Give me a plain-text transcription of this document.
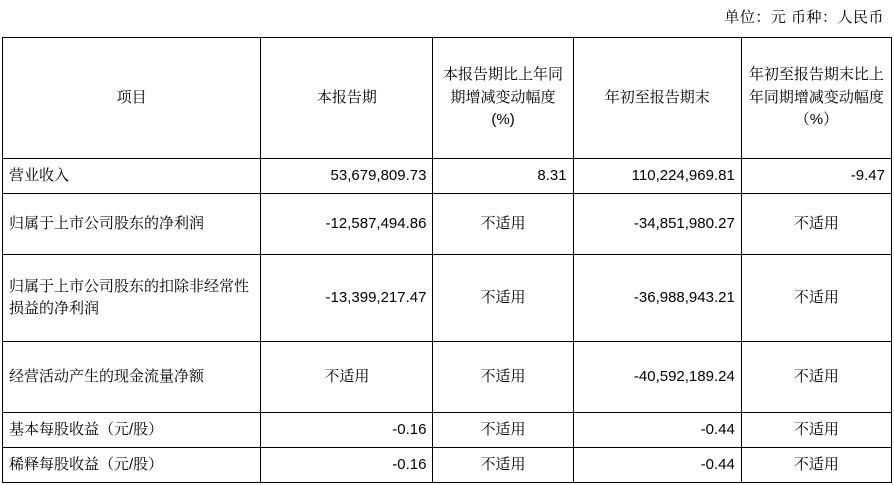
单位：元 币种：人民币
项目	本报告期	本报告期比上年同期增减变动幅度(%)	年初至报告期末	年初至报告期末比上年同期增减变动幅度（%）
营业收入	53,679,809.73	8.31	110,224,969.81	-9.47
归属于上市公司股东的净利润	-12,587,494.86	不适用	-34,851,980.27	不适用
归属于上市公司股东的扣除非经常性损益的净利润	-13,399,217.47	不适用	-36,988,943.21	不适用
经营活动产生的现金流量净额	不适用	不适用	-40,592,189.24	不适用
基本每股收益（元/股）	-0.16	不适用	-0.44	不适用
稀释每股收益（元/股）	-0.16	不适用	-0.44	不适用
